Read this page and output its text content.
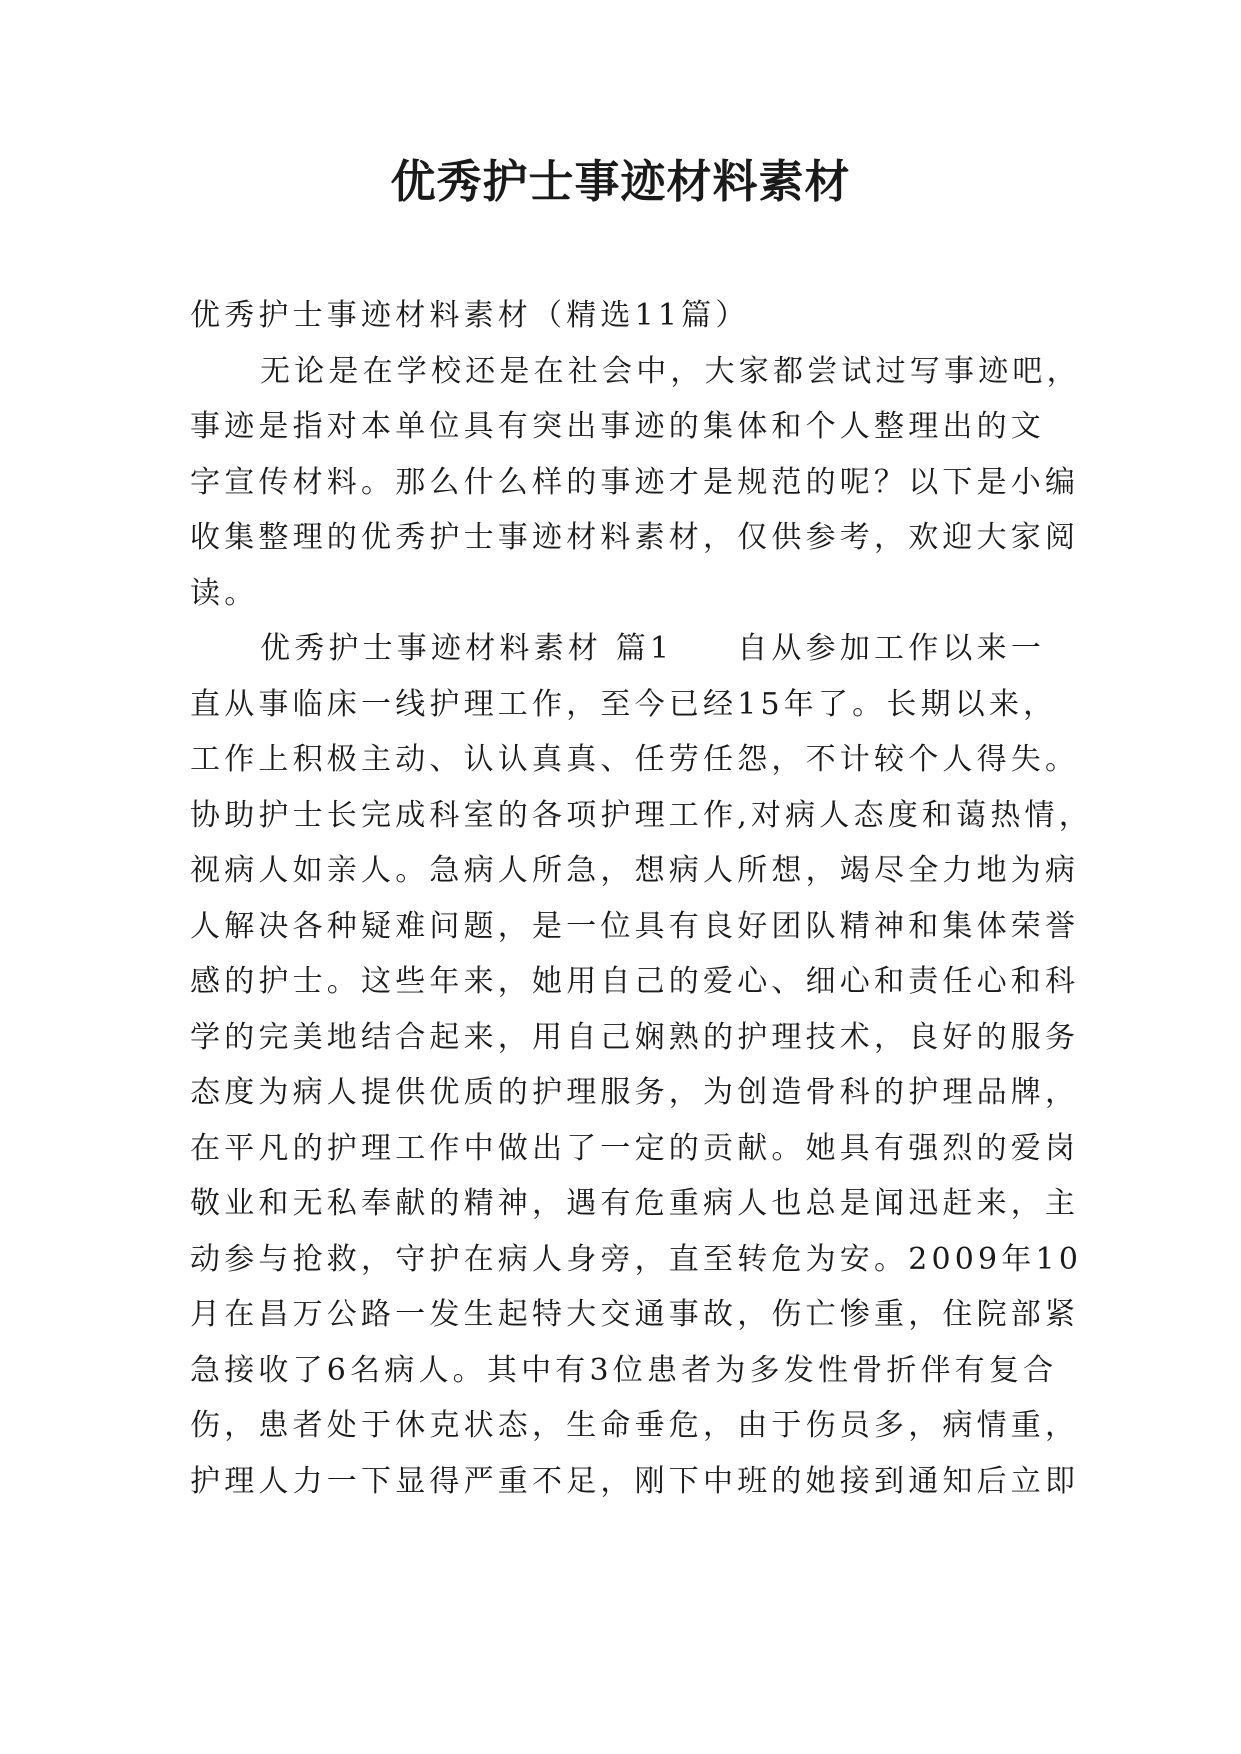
优秀护士事迹材料素材
优秀护士事迹材料素材（精选11篇）
无论是在学校还是在社会中，大家都尝试过写事迹吧，
事迹是指对本单位具有突出事迹的集体和个人整理出的文
字宣传材料。那么什么样的事迹才是规范的呢？以下是小编
收集整理的优秀护士事迹材料素材，仅供参考，欢迎大家阅
读。
优秀护士事迹材料素材 篇1 自从参加工作以来一
直从事临床一线护理工作，至今已经15年了。长期以来，
工作上积极主动、认认真真、任劳任怨，不计较个人得失。
协助护士长完成科室的各项护理工作,对病人态度和蔼热情，
视病人如亲人。急病人所急，想病人所想，竭尽全力地为病
人解决各种疑难问题，是一位具有良好团队精神和集体荣誉
感的护士。这些年来，她用自己的爱心、细心和责任心和科
学的完美地结合起来，用自己娴熟的护理技术，良好的服务
态度为病人提供优质的护理服务，为创造骨科的护理品牌，
在平凡的护理工作中做出了一定的贡献。她具有强烈的爱岗
敬业和无私奉献的精神，遇有危重病人也总是闻迅赶来，主
动参与抢救，守护在病人身旁，直至转危为安。2009年10
月在昌万公路一发生起特大交通事故，伤亡惨重，住院部紧
急接收了6名病人。其中有3位患者为多发性骨折伴有复合
伤，患者处于休克状态，生命垂危，由于伤员多，病情重，
护理人力一下显得严重不足，刚下中班的她接到通知后立即
